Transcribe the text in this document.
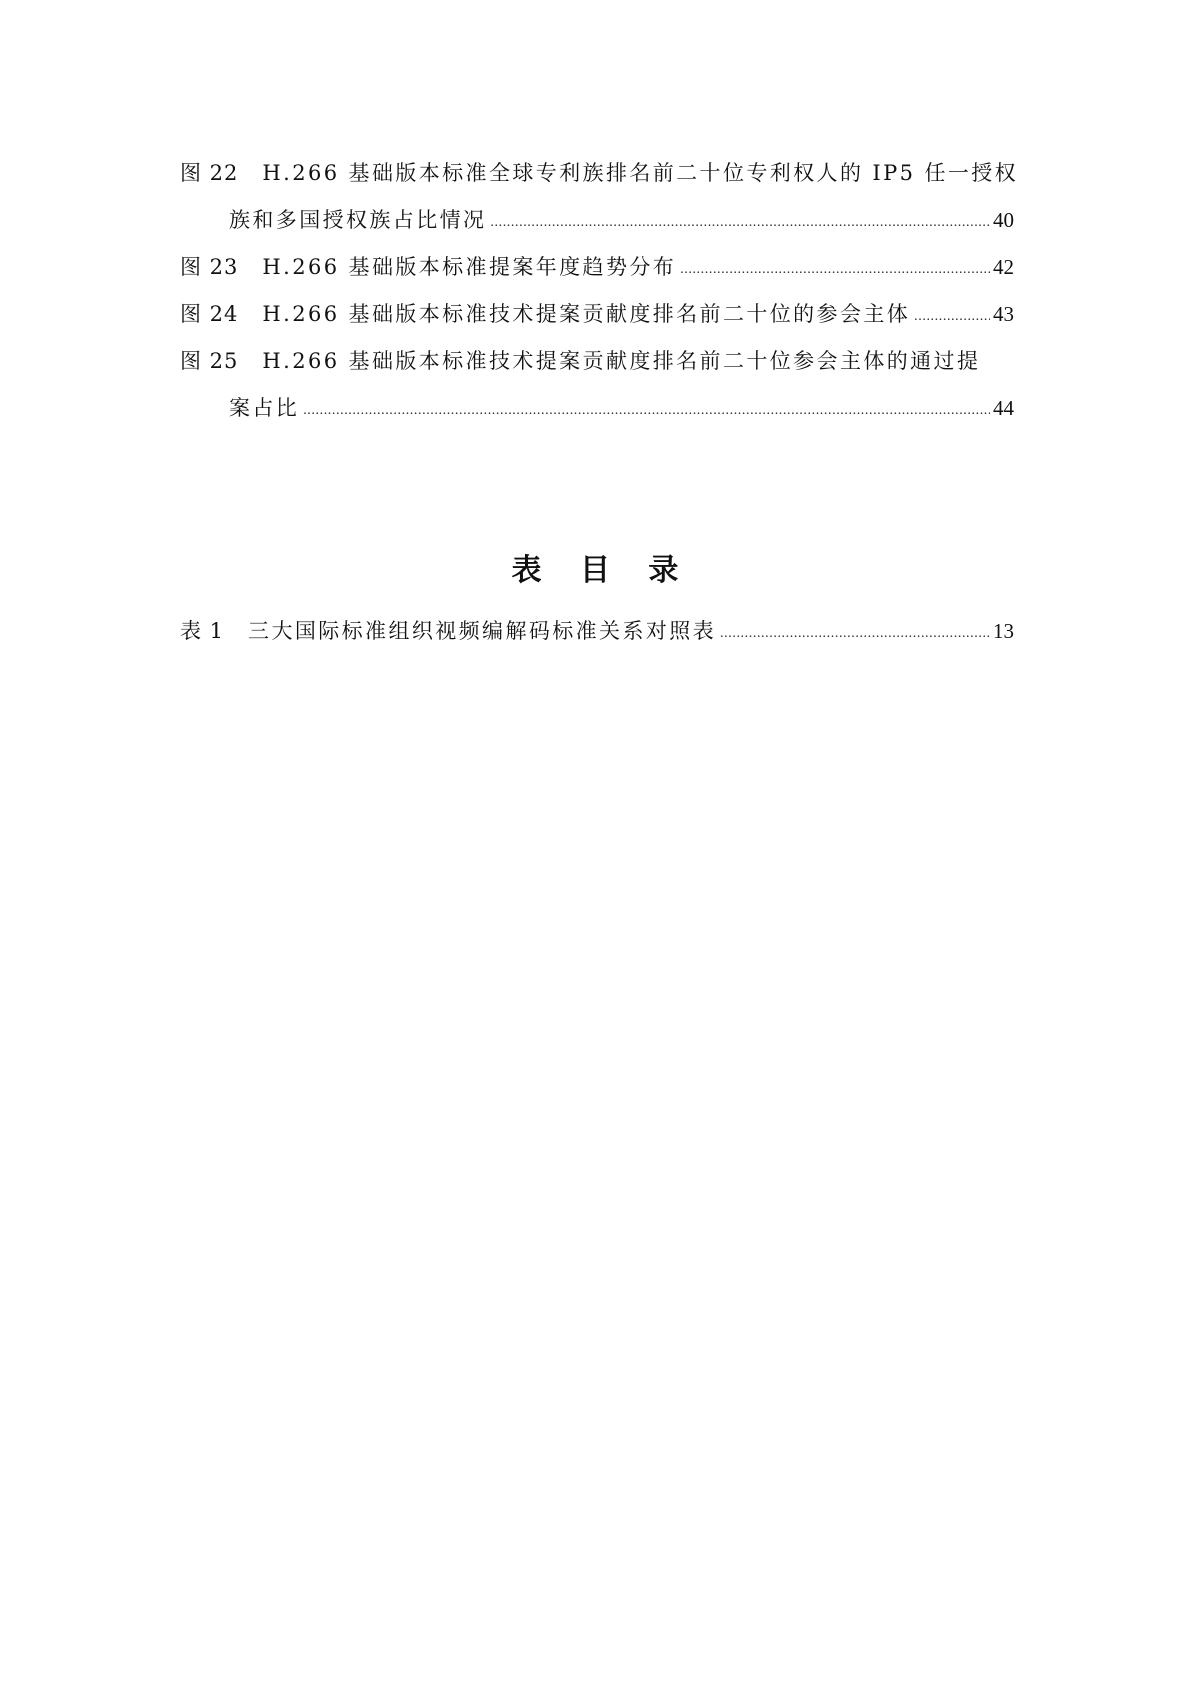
图 22 H.266 基础版本标准全球专利族排名前二十位专利权人的 IP5 任一授权
族和多国授权族占比情况 .....	40
图 23 H.266 基础版本标准提案年度趋势分布 .....	42
图 24 H.266 基础版本标准技术提案贡献度排名前二十位的参会主体 .....	43
图 25 H.266 基础版本标准技术提案贡献度排名前二十位参会主体的通过提
案占比 .....	44
表 目 录
表 1 三大国际标准组织视频编解码标准关系对照表 .....	13
